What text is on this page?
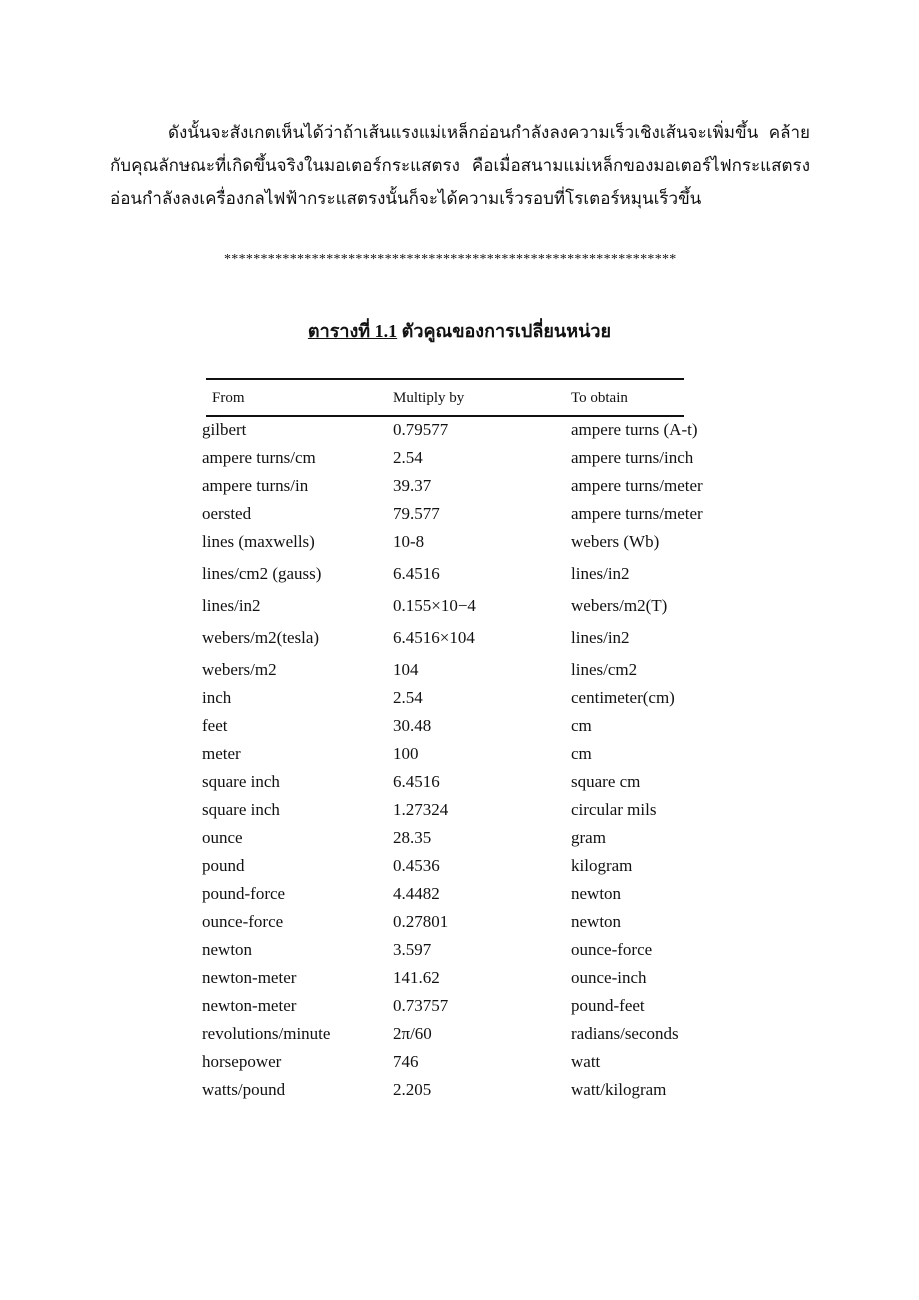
ดังนั้นจะสังเกตเห็นได้ว่าถ้าเส้นแรงแม่เหล็กอ่อนกำลังลงความเร็วเชิงเส้นจะเพิ่มขึ้น คล้ายกับคุณลักษณะที่เกิดขึ้นจริงในมอเตอร์กระแสตรง คือเมื่อสนามแม่เหล็กของมอเตอร์ไฟกระแสตรงอ่อนกำลังลงเครื่องกลไฟฟ้ากระแสตรงนั้นก็จะได้ความเร็วรอบที่โรเตอร์หมุนเร็วขึ้น

**************************************************************
ตารางที่ 1.1 ตัวคูณของการเปลี่ยนหน่วย
From	Multiply by	To obtain
gilbert	0.79577	ampere turns (A-t)
ampere turns/cm	2.54	ampere turns/inch
ampere turns/in	39.37	ampere turns/meter
oersted	79.577	ampere turns/meter
lines (maxwells)	10-8	webers (Wb)
lines/cm2 (gauss)	6.4516	lines/in2
lines/in2	0.155×10−4	webers/m2(T)
webers/m2(tesla)	6.4516×104	lines/in2
webers/m2	104	lines/cm2
inch	2.54	centimeter(cm)
feet	30.48	cm
meter	100	cm
square inch	6.4516	square cm
square inch	1.27324	circular mils
ounce	28.35	gram
pound	0.4536	kilogram
pound-force	4.4482	newton
ounce-force	0.27801	newton
newton	3.597	ounce-force
newton-meter	141.62	ounce-inch
newton-meter	0.73757	pound-feet
revolutions/minute	2π/60	radians/seconds
horsepower	746	watt
watts/pound	2.205	watt/kilogram
